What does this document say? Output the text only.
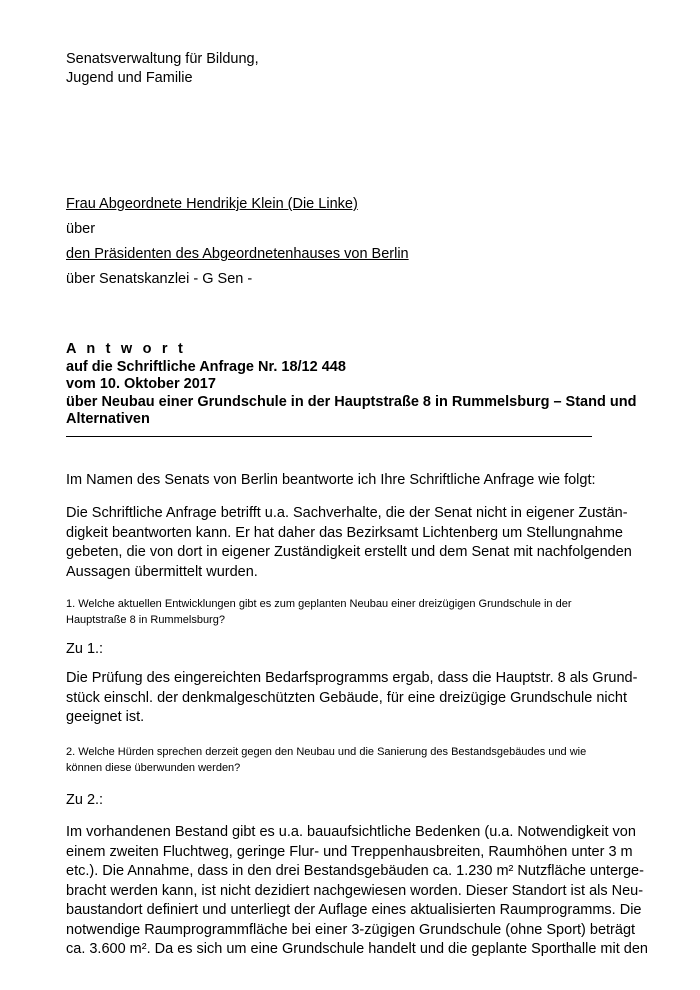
Senatsverwaltung für Bildung,
Jugend und Familie
Frau Abgeordnete Hendrikje Klein (Die Linke)
über
den Präsidenten des Abgeordnetenhauses von Berlin
über Senatskanzlei - G Sen -
A n t w o r t
auf die Schriftliche Anfrage Nr. 18/12 448
vom 10. Oktober 2017
über Neubau einer Grundschule in der Hauptstraße 8 in Rummelsburg – Stand und
Alternativen
Im Namen des Senats von Berlin beantworte ich Ihre Schriftliche Anfrage wie folgt:
Die Schriftliche Anfrage betrifft u.a. Sachverhalte, die der Senat nicht in eigener Zustän-
digkeit beantworten kann. Er hat daher das Bezirksamt Lichtenberg um Stellungnahme
gebeten, die von dort in eigener Zuständigkeit erstellt und dem Senat mit nachfolgenden
Aussagen übermittelt wurden.
1. Welche aktuellen Entwicklungen gibt es zum geplanten Neubau einer dreizügigen Grundschule in der
Hauptstraße 8 in Rummelsburg?
Zu 1.:
Die Prüfung des eingereichten Bedarfsprogramms ergab, dass die Hauptstr. 8 als Grund-
stück einschl. der denkmalgeschützten Gebäude, für eine dreizügige Grundschule nicht
geeignet ist.
2. Welche Hürden sprechen derzeit gegen den Neubau und die Sanierung des Bestandsgebäudes und wie
können diese überwunden werden?
Zu 2.:
Im vorhandenen Bestand gibt es u.a. bauaufsichtliche Bedenken (u.a. Notwendigkeit von
einem zweiten Fluchtweg, geringe Flur- und Treppenhausbreiten, Raumhöhen unter 3 m
etc.). Die Annahme, dass in den drei Bestandsgebäuden ca. 1.230 m² Nutzfläche unterge-
bracht werden kann, ist nicht dezidiert nachgewiesen worden. Dieser Standort ist als Neu-
baustandort definiert und unterliegt der Auflage eines aktualisierten Raumprogramms. Die
notwendige Raumprogrammfläche bei einer 3-zügigen Grundschule (ohne Sport) beträgt
ca. 3.600 m². Da es sich um eine Grundschule handelt und die geplante Sporthalle mit den
